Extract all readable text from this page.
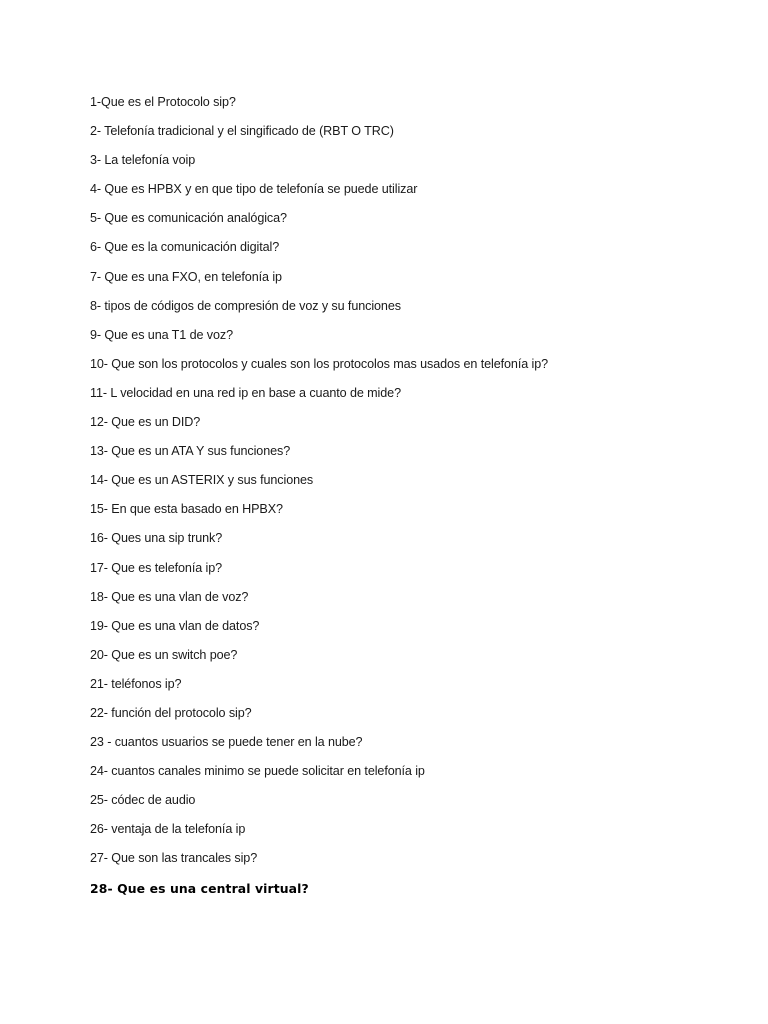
1-Que es el Protocolo sip?
2- Telefonía tradicional y el singificado de (RBT O TRC)
3- La telefonía voip
4- Que es HPBX y en que tipo de telefonía se puede utilizar
5- Que es comunicación analógica?
6- Que es la comunicación digital?
7- Que es una FXO, en telefonía ip
8- tipos de códigos de compresión de voz y su funciones
9- Que es una T1 de voz?
10- Que son los protocolos y cuales son los protocolos mas usados en telefonía ip?
11- L velocidad en una red ip en base a cuanto de mide?
12- Que es un DID?
13- Que es un ATA Y sus funciones?
14- Que es un ASTERIX y sus funciones
15- En que esta basado en HPBX?
16- Ques una sip trunk?
17- Que es telefonía ip?
18- Que es una vlan de voz?
19- Que es una vlan de datos?
20- Que es un switch poe?
21- teléfonos ip?
22- función del protocolo sip?
23 - cuantos usuarios se puede tener en la nube?
24- cuantos canales minimo se puede solicitar en telefonía ip
25- códec de audio
26- ventaja de la telefonía ip
27- Que son las trancales sip?
28- Que es una central virtual?
